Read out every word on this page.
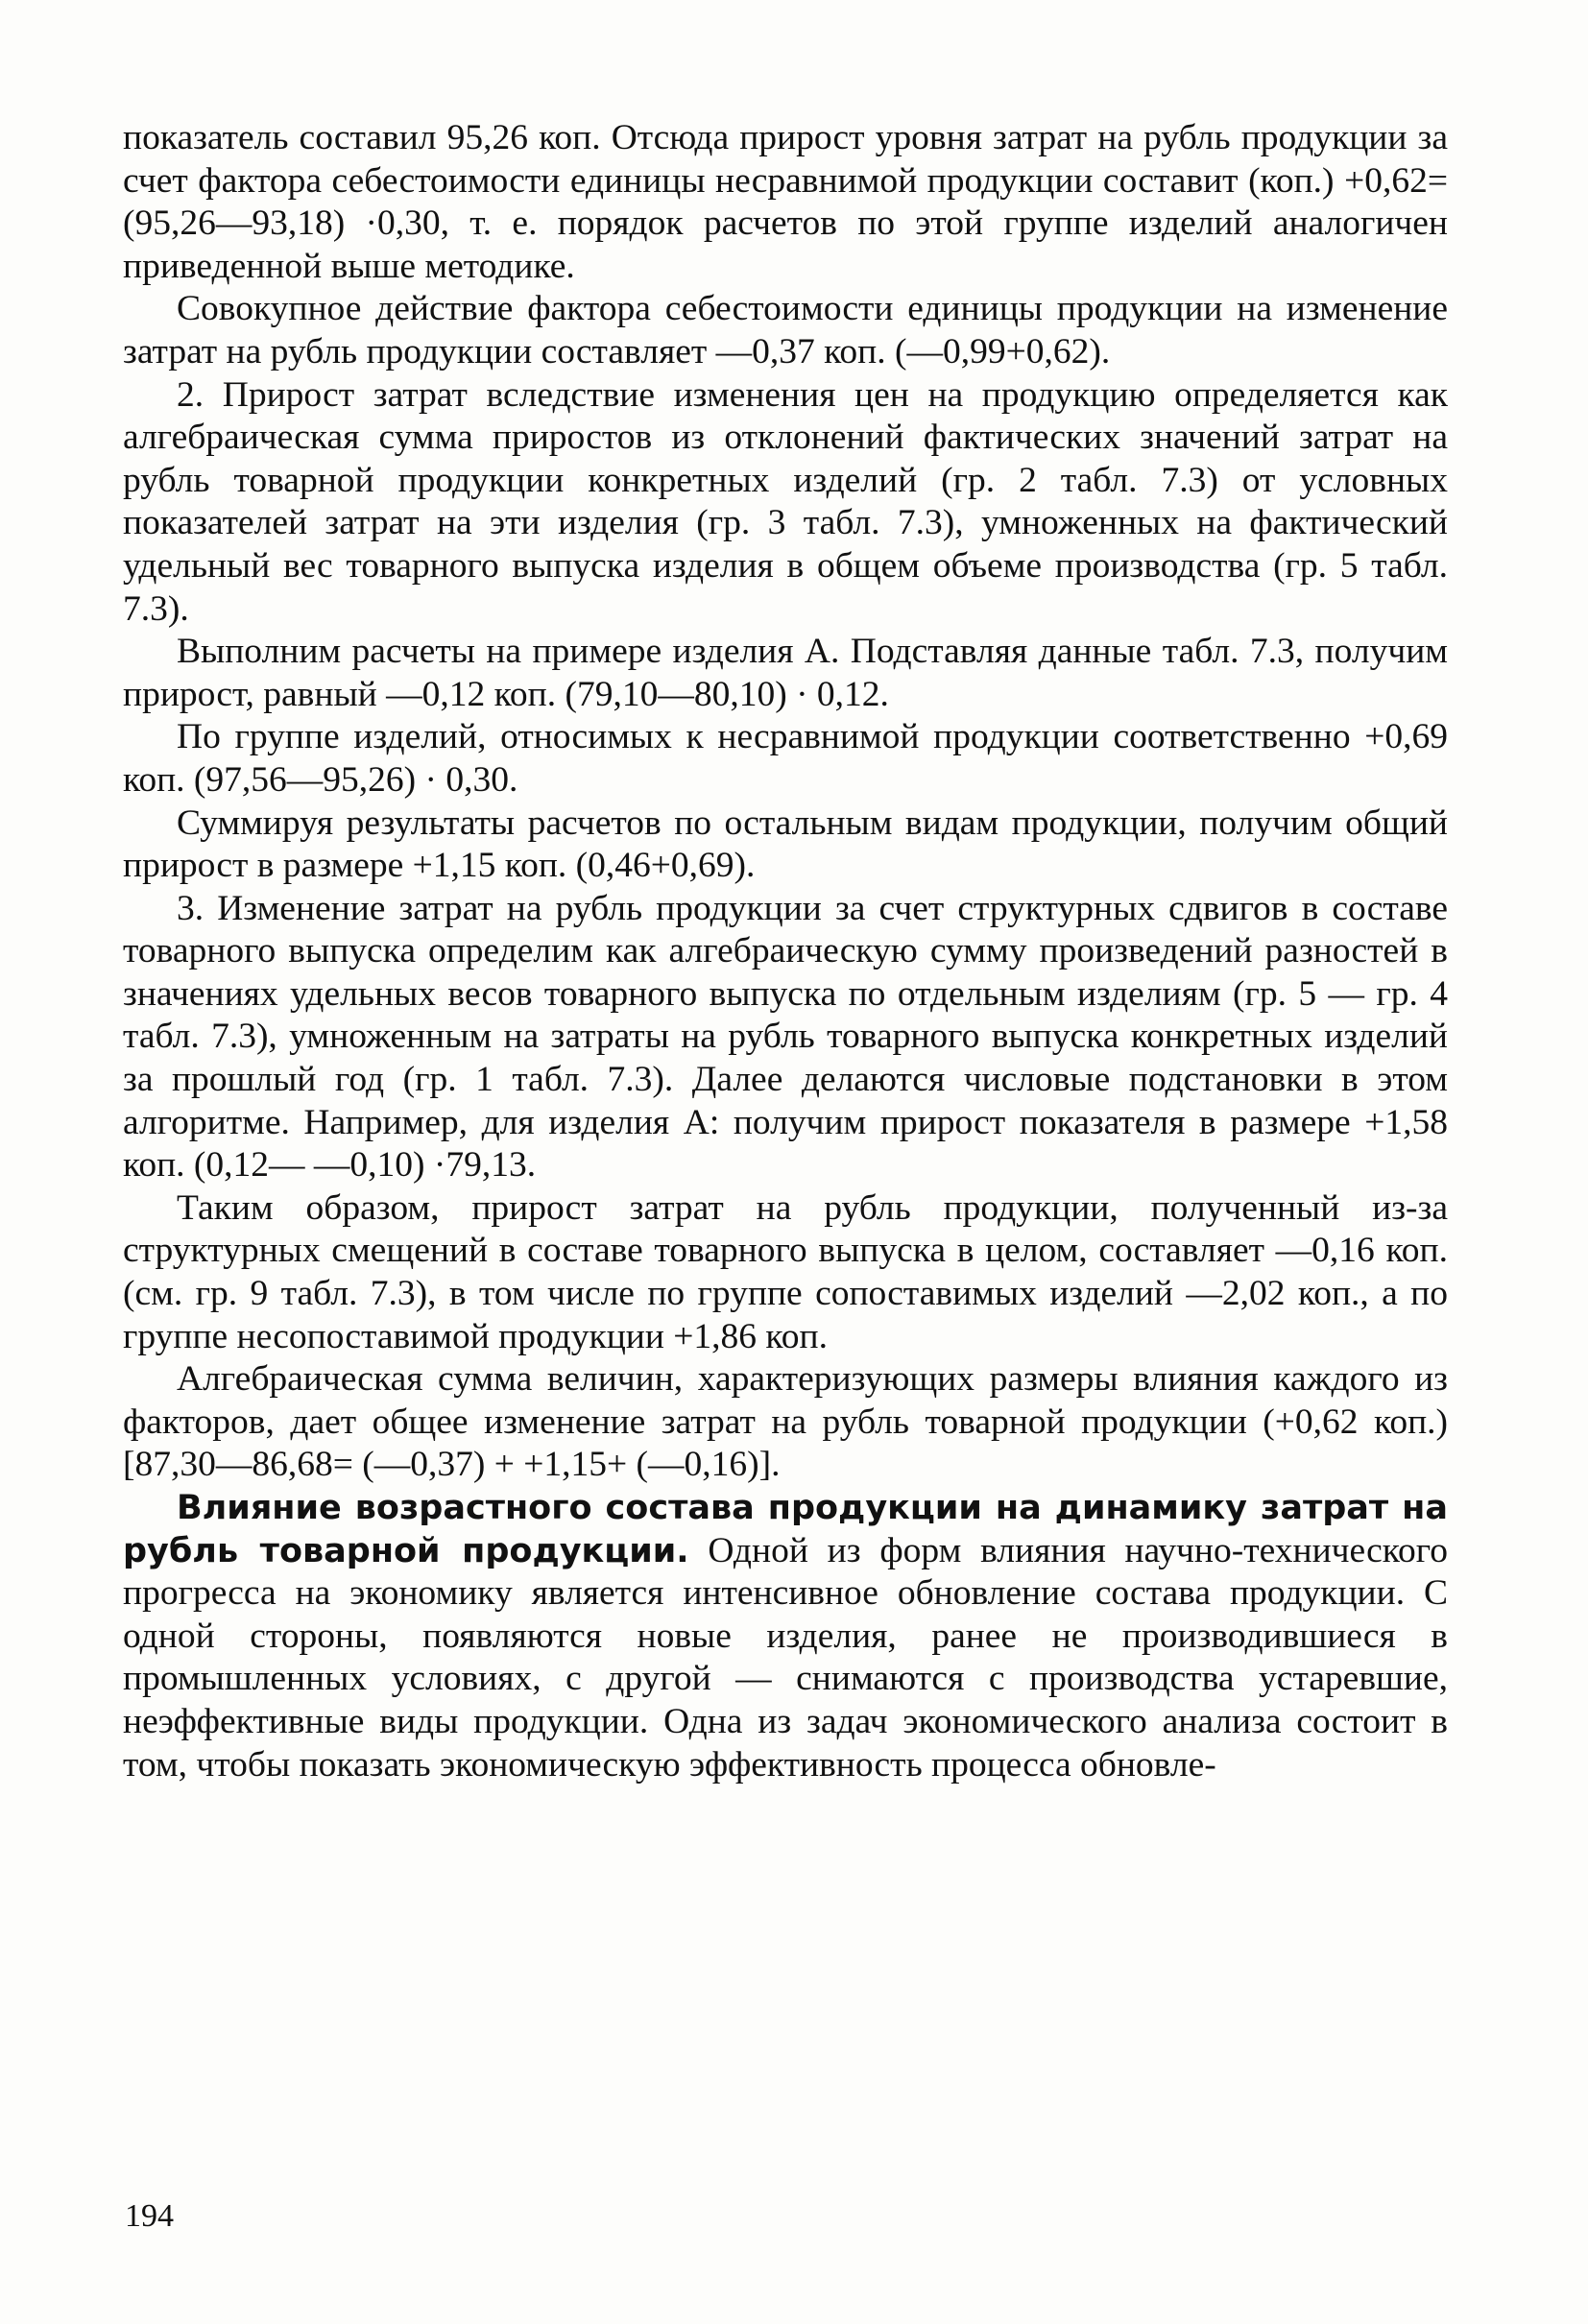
показатель составил 95,26 коп. Отсюда прирост уровня затрат на рубль продукции за счет фактора себестоимости единицы несравнимой продукции составит (коп.) +0,62= (95,26—93,18) ·0,30, т. е. порядок расчетов по этой группе изделий аналогичен приведенной выше методике.

Совокупное действие фактора себестоимости единицы продукции на изменение затрат на рубль продукции составляет —0,37 коп. (—0,99+0,62).

2. Прирост затрат вследствие изменения цен на продукцию определяется как алгебраическая сумма приростов из отклонений фактических значений затрат на рубль товарной продукции конкретных изделий (гр. 2 табл. 7.3) от условных показателей затрат на эти изделия (гр. 3 табл. 7.3), умноженных на фактический удельный вес товарного выпуска изделия в общем объеме производства (гр. 5 табл. 7.3).

Выполним расчеты на примере изделия А. Подставляя данные табл. 7.3, получим прирост, равный —0,12 коп. (79,10—80,10) · 0,12.

По группе изделий, относимых к несравнимой продукции соответственно +0,69 коп. (97,56—95,26) · 0,30.

Суммируя результаты расчетов по остальным видам продукции, получим общий прирост в размере +1,15 коп. (0,46+0,69).

3. Изменение затрат на рубль продукции за счет структурных сдвигов в составе товарного выпуска определим как алгебраическую сумму произведений разностей в значениях удельных весов товарного выпуска по отдельным изделиям (гр. 5 — гр. 4 табл. 7.3), умноженным на затраты на рубль товарного выпуска конкретных изделий за прошлый год (гр. 1 табл. 7.3). Далее делаются числовые подстановки в этом алгоритме. Например, для изделия А: получим прирост показателя в размере +1,58 коп. (0,12— —0,10) ·79,13.

Таким образом, прирост затрат на рубль продукции, полученный из-за структурных смещений в составе товарного выпуска в целом, составляет —0,16 коп. (см. гр. 9 табл. 7.3), в том числе по группе сопоставимых изделий —2,02 коп., а по группе несопоставимой продукции +1,86 коп.

Алгебраическая сумма величин, характеризующих размеры влияния каждого из факторов, дает общее изменение затрат на рубль товарной продукции (+0,62 коп.) [87,30—86,68= (—0,37) + +1,15+ (—0,16)].

Влияние возрастного состава продукции на динамику затрат на рубль товарной продукции. Одной из форм влияния научно-технического прогресса на экономику является интенсивное обновление состава продукции. С одной стороны, появляются новые изделия, ранее не производившиеся в промышленных условиях, с другой — снимаются с производства устаревшие, неэффективные виды продукции. Одна из задач экономического анализа состоит в том, чтобы показать экономическую эффективность процесса обновле-

194
